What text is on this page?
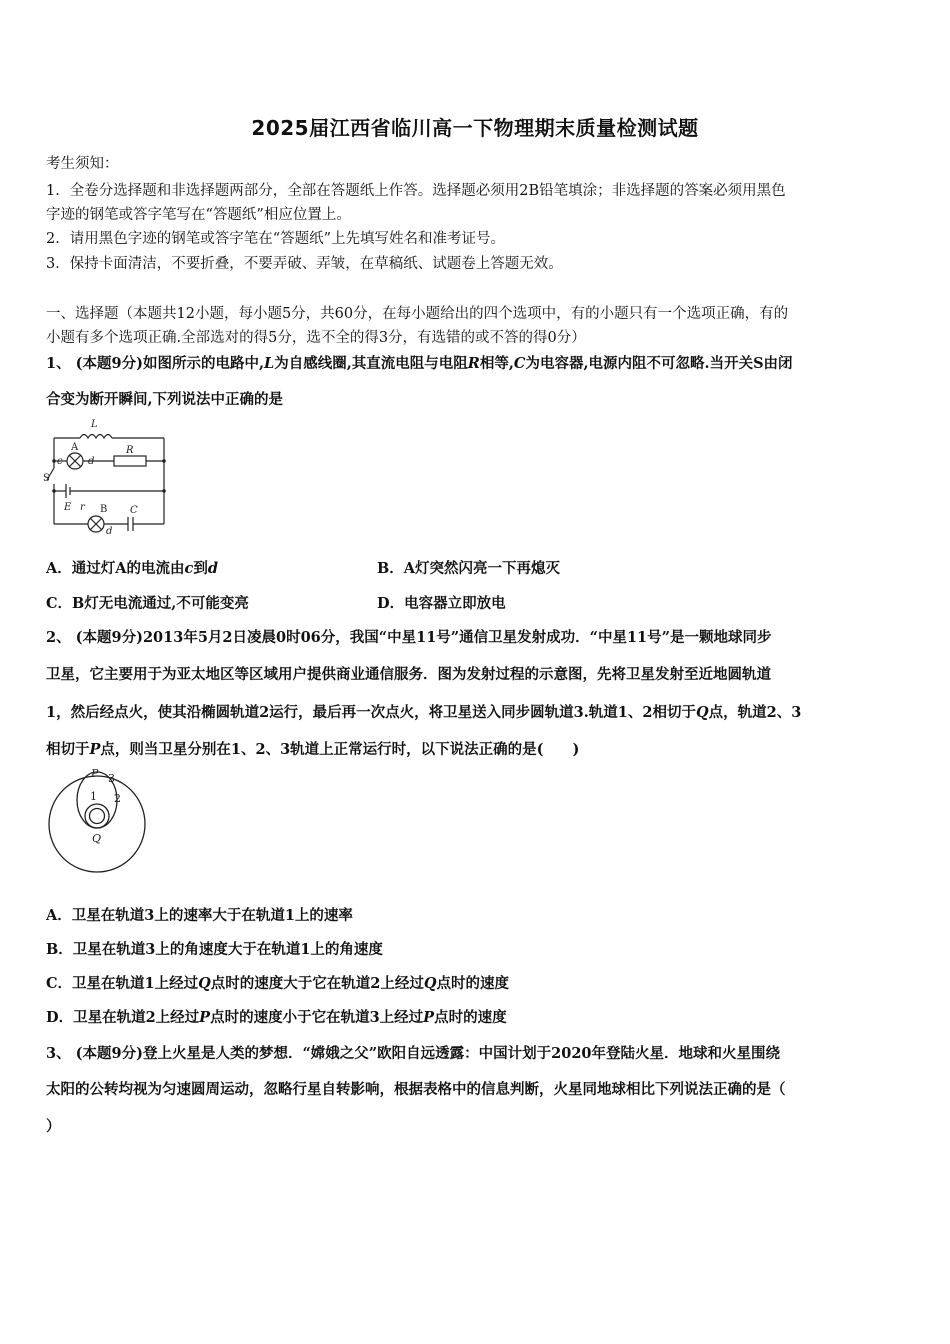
2025届江西省临川高一下物理期末质量检测试题
考生须知：
1．全卷分选择题和非选择题两部分，全部在答题纸上作答。选择题必须用2B铅笔填涂；非选择题的答案必须用黑色
字迹的钢笔或答字笔写在“答题纸”相应位置上。
2．请用黑色字迹的钢笔或答字笔在“答题纸”上先填写姓名和准考证号。
3．保持卡面清洁，不要折叠，不要弄破、弄皱，在草稿纸、试题卷上答题无效。
一、选择题（本题共12小题，每小题5分，共60分，在每小题给出的四个选项中，有的小题只有一个选项正确，有的
小题有多个选项正确.全部选对的得5分，选不全的得3分，有选错的或不答的得0分）
1、 (本题9分)如图所示的电路中,L为自感线圈,其直流电阻与电阻R相等,C为电容器,电源内阻不可忽略.当开关S由闭
合变为断开瞬间,下列说法中正确的是
L
A
c	d
R
S
E r B C
d
A．通过灯A的电流由c到d	B．A灯突然闪亮一下再熄灭
C．B灯无电流通过,不可能变亮	D．电容器立即放电
2、 (本题9分)2013年5月2日凌晨0时06分，我国“中星11号”通信卫星发射成功．“中星11号”是一颗地球同步
卫星，它主要用于为亚太地区等区域用户提供商业通信服务．图为发射过程的示意图，先将卫星发射至近地圆轨道
1，然后经点火，使其沿椭圆轨道2运行，最后再一次点火，将卫星送入同步圆轨道3.轨道1、2相切于Q点，轨道2、3
相切于P点，则当卫星分别在1、2、3轨道上正常运行时，以下说法正确的是(　　)
P 3
1 2
Q
A．卫星在轨道3上的速率大于在轨道1上的速率
B．卫星在轨道3上的角速度大于在轨道1上的角速度
C．卫星在轨道1上经过Q点时的速度大于它在轨道2上经过Q点时的速度
D．卫星在轨道2上经过P点时的速度小于它在轨道3上经过P点时的速度
3、 (本题9分)登上火星是人类的梦想．“嫦娥之父”欧阳自远透露：中国计划于2020年登陆火星．地球和火星围绕
太阳的公转均视为匀速圆周运动，忽略行星自转影响，根据表格中的信息判断，火星同地球相比下列说法正确的是（
）
